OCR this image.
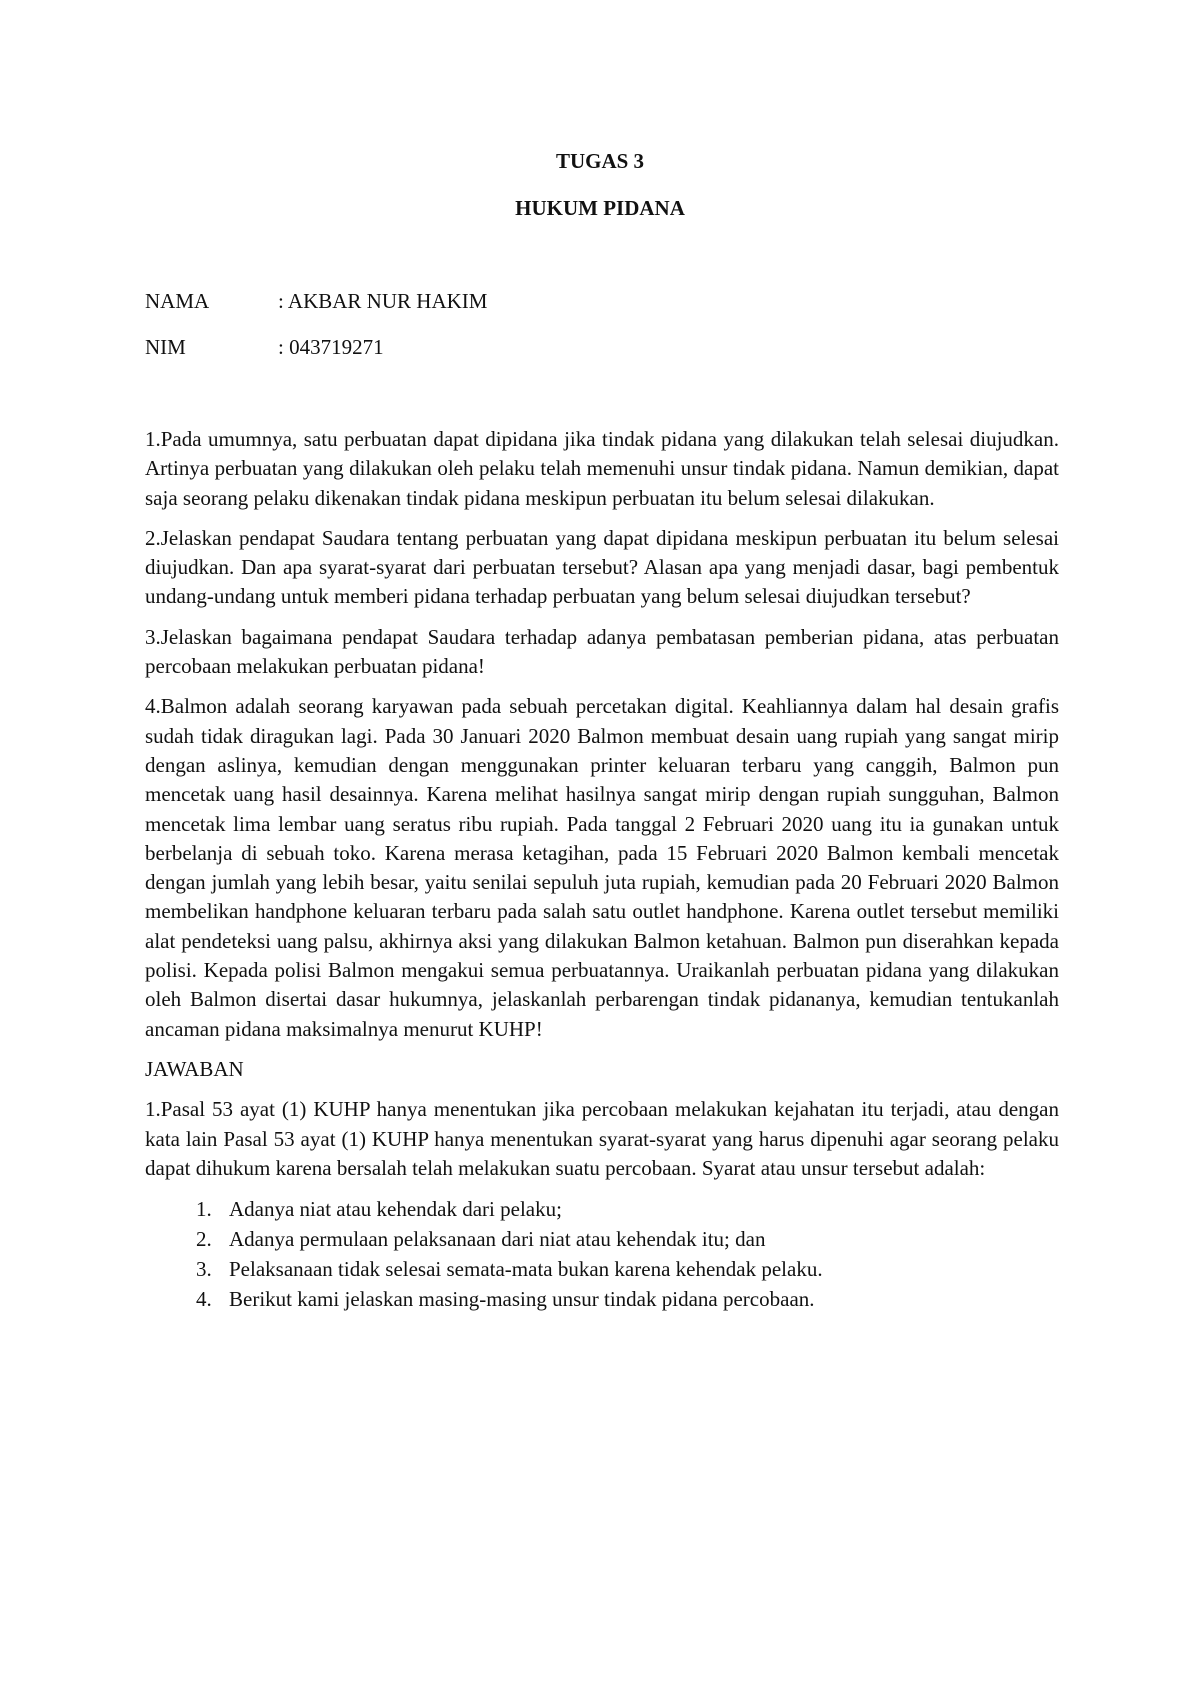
TUGAS 3
HUKUM PIDANA
NAMA	: AKBAR NUR HAKIM
NIM	: 043719271

1.Pada umumnya, satu perbuatan dapat dipidana jika tindak pidana yang dilakukan telah selesai diujudkan. Artinya perbuatan yang dilakukan oleh pelaku telah memenuhi unsur tindak pidana. Namun demikian, dapat saja seorang pelaku dikenakan tindak pidana meskipun perbuatan itu belum selesai dilakukan.

2.Jelaskan pendapat Saudara tentang perbuatan yang dapat dipidana meskipun perbuatan itu belum selesai diujudkan. Dan apa syarat-syarat dari perbuatan tersebut? Alasan apa yang menjadi dasar, bagi pembentuk undang-undang untuk memberi pidana terhadap perbuatan yang belum selesai diujudkan tersebut?

3.Jelaskan bagaimana pendapat Saudara terhadap adanya pembatasan pemberian pidana, atas perbuatan percobaan melakukan perbuatan pidana!

4.Balmon adalah seorang karyawan pada sebuah percetakan digital. Keahliannya dalam hal desain grafis sudah tidak diragukan lagi. Pada 30 Januari 2020 Balmon membuat desain uang rupiah yang sangat mirip dengan aslinya, kemudian dengan menggunakan printer keluaran terbaru yang canggih, Balmon pun mencetak uang hasil desainnya. Karena melihat hasilnya sangat mirip dengan rupiah sungguhan, Balmon mencetak lima lembar uang seratus ribu rupiah. Pada tanggal 2 Februari 2020 uang itu ia gunakan untuk berbelanja di sebuah toko. Karena merasa ketagihan, pada 15 Februari 2020 Balmon kembali mencetak dengan jumlah yang lebih besar, yaitu senilai sepuluh juta rupiah, kemudian pada 20 Februari 2020 Balmon membelikan handphone keluaran terbaru pada salah satu outlet handphone. Karena outlet tersebut memiliki alat pendeteksi uang palsu, akhirnya aksi yang dilakukan Balmon ketahuan. Balmon pun diserahkan kepada polisi. Kepada polisi Balmon mengakui semua perbuatannya. Uraikanlah perbuatan pidana yang dilakukan oleh Balmon disertai dasar hukumnya, jelaskanlah perbarengan tindak pidananya, kemudian tentukanlah ancaman pidana maksimalnya menurut KUHP!

JAWABAN

1.Pasal 53 ayat (1) KUHP hanya menentukan jika percobaan melakukan kejahatan itu terjadi, atau dengan kata lain Pasal 53 ayat (1) KUHP hanya menentukan syarat-syarat yang harus dipenuhi agar seorang pelaku dapat dihukum karena bersalah telah melakukan suatu percobaan. Syarat atau unsur tersebut adalah:

1. Adanya niat atau kehendak dari pelaku;
2. Adanya permulaan pelaksanaan dari niat atau kehendak itu; dan
3. Pelaksanaan tidak selesai semata-mata bukan karena kehendak pelaku.
4. Berikut kami jelaskan masing-masing unsur tindak pidana percobaan.
